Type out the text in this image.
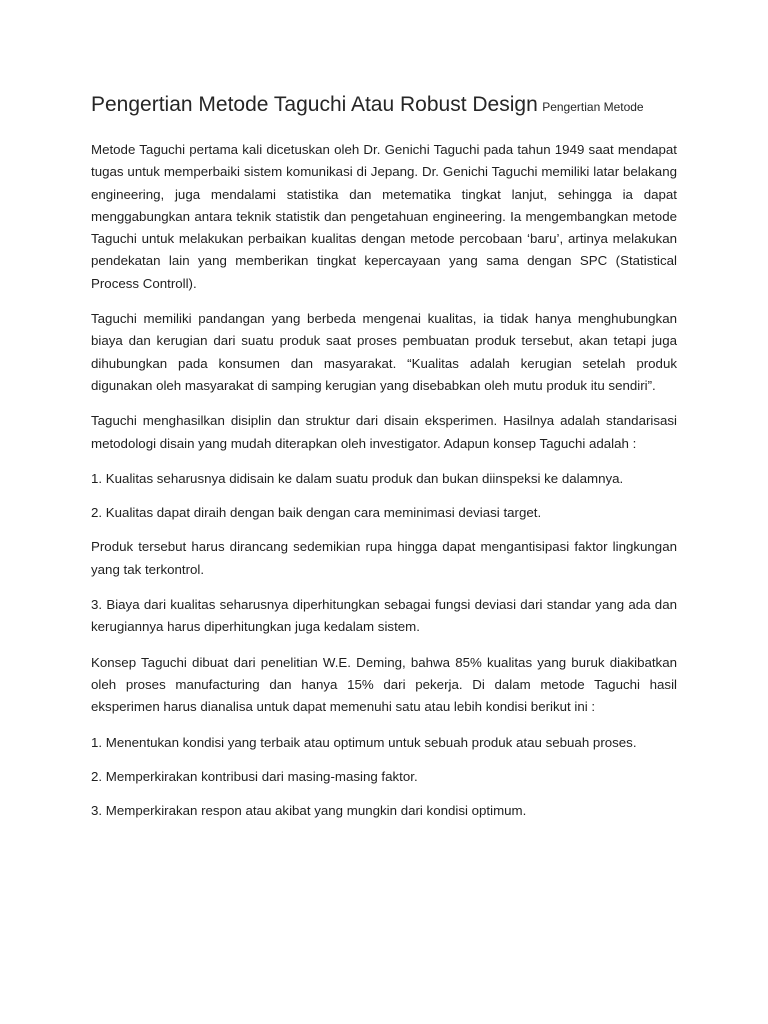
Pengertian Metode Taguchi Atau Robust Design Pengertian Metode

Metode Taguchi pertama kali dicetuskan oleh Dr. Genichi Taguchi pada tahun 1949 saat mendapat tugas untuk memperbaiki sistem komunikasi di Jepang. Dr. Genichi Taguchi memiliki latar belakang engineering, juga mendalami statistika dan metematika tingkat lanjut, sehingga ia dapat menggabungkan antara teknik statistik dan pengetahuan engineering. Ia mengembangkan metode Taguchi untuk melakukan perbaikan kualitas dengan metode percobaan ‘baru’, artinya melakukan pendekatan lain yang memberikan tingkat kepercayaan yang sama dengan SPC (Statistical Process Controll).

Taguchi memiliki pandangan yang berbeda mengenai kualitas, ia tidak hanya menghubungkan biaya dan kerugian dari suatu produk saat proses pembuatan produk tersebut, akan tetapi juga dihubungkan pada konsumen dan masyarakat. “Kualitas adalah kerugian setelah produk digunakan oleh masyarakat di samping kerugian yang disebabkan oleh mutu produk itu sendiri”.

Taguchi menghasilkan disiplin dan struktur dari disain eksperimen. Hasilnya adalah standarisasi metodologi disain yang mudah diterapkan oleh investigator. Adapun konsep Taguchi adalah :

1. Kualitas seharusnya didisain ke dalam suatu produk dan bukan diinspeksi ke dalamnya.

2. Kualitas dapat diraih dengan baik dengan cara meminimasi deviasi target.

Produk tersebut harus dirancang sedemikian rupa hingga dapat mengantisipasi faktor lingkungan yang tak terkontrol.

3. Biaya dari kualitas seharusnya diperhitungkan sebagai fungsi deviasi dari standar yang ada dan kerugiannya harus diperhitungkan juga kedalam sistem.

Konsep Taguchi dibuat dari penelitian W.E. Deming, bahwa 85% kualitas yang buruk diakibatkan oleh proses manufacturing dan hanya 15% dari pekerja. Di dalam metode Taguchi hasil eksperimen harus dianalisa untuk dapat memenuhi satu atau lebih kondisi berikut ini :

1. Menentukan kondisi yang terbaik atau optimum untuk sebuah produk atau sebuah proses.

2. Memperkirakan kontribusi dari masing-masing faktor.

3. Memperkirakan respon atau akibat yang mungkin dari kondisi optimum.
